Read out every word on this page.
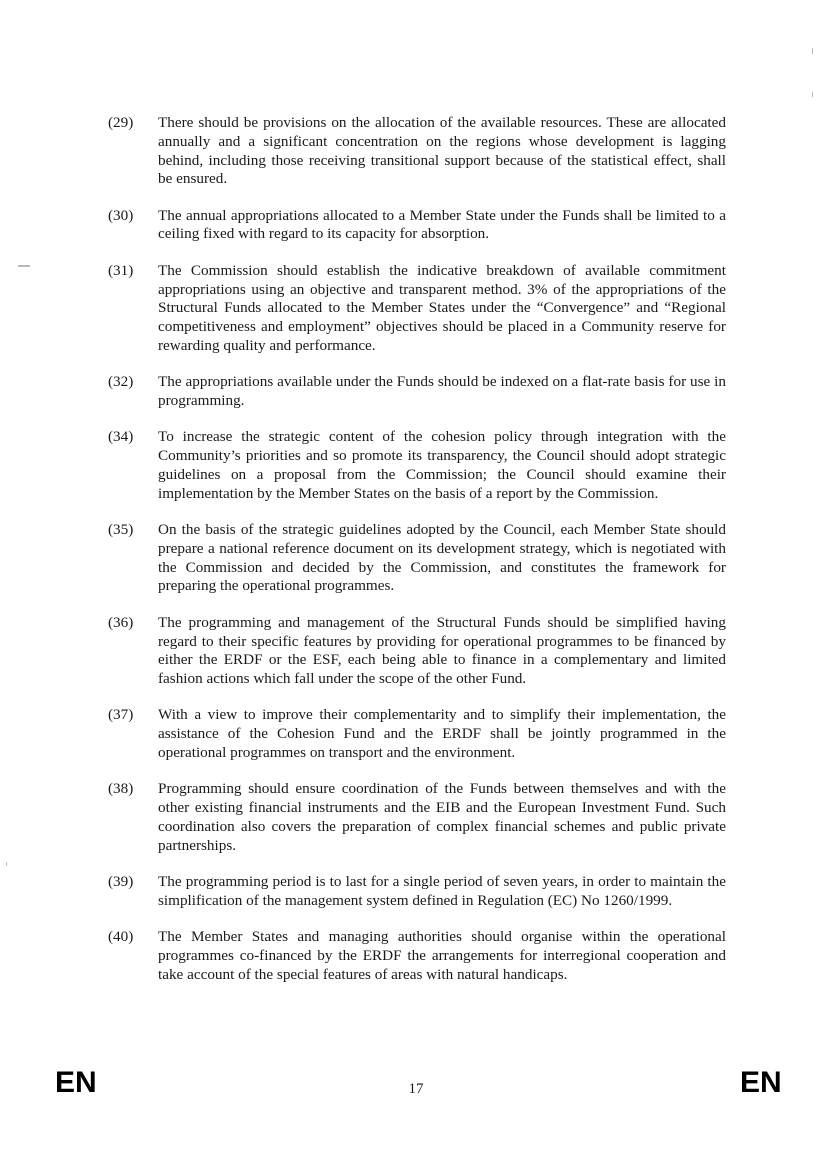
(29)	There should be provisions on the allocation of the available resources. These are allocated annually and a significant concentration on the regions whose development is lagging behind, including those receiving transitional support because of the statistical effect, shall be ensured.
(30)	The annual appropriations allocated to a Member State under the Funds shall be limited to a ceiling fixed with regard to its capacity for absorption.
(31)	The Commission should establish the indicative breakdown of available commitment appropriations using an objective and transparent method. 3% of the appropriations of the Structural Funds allocated to the Member States under the “Convergence” and “Regional competitiveness and employment” objectives should be placed in a Community reserve for rewarding quality and performance.
(32)	The appropriations available under the Funds should be indexed on a flat-rate basis for use in programming.
(34)	To increase the strategic content of the cohesion policy through integration with the Community’s priorities and so promote its transparency, the Council should adopt strategic guidelines on a proposal from the Commission; the Council should examine their implementation by the Member States on the basis of a report by the Commission.
(35)	On the basis of the strategic guidelines adopted by the Council, each Member State should prepare a national reference document on its development strategy, which is negotiated with the Commission and decided by the Commission, and constitutes the framework for preparing the operational programmes.
(36)	The programming and management of the Structural Funds should be simplified having regard to their specific features by providing for operational programmes to be financed by either the ERDF or the ESF, each being able to finance in a complementary and limited fashion actions which fall under the scope of the other Fund.
(37)	With a view to improve their complementarity and to simplify their implementation, the assistance of the Cohesion Fund and the ERDF shall be jointly programmed in the operational programmes on transport and the environment.
(38)	Programming should ensure coordination of the Funds between themselves and with the other existing financial instruments and the EIB and the European Investment Fund. Such coordination also covers the preparation of complex financial schemes and public private partnerships.
(39)	The programming period is to last for a single period of seven years, in order to maintain the simplification of the management system defined in Regulation (EC) No 1260/1999.
(40)	The Member States and managing authorities should organise within the operational programmes co-financed by the ERDF the arrangements for interregional cooperation and take account of the special features of areas with natural handicaps.
EN	17	EN
